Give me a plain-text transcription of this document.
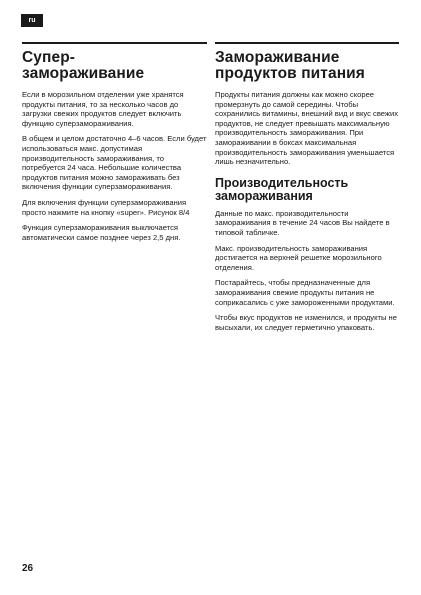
ru
Супер-
замораживание

Если в морозильном отделении уже хранятся продукты питания, то за несколько часов до загрузки свежих продуктов следует включить функцию суперзамораживания.

В общем и целом достаточно 4–6 часов. Если будет использоваться макс. допустимая производительность замораживания, то потребуется 24 часа. Небольшие количества продуктов питания можно замораживать без включения функции суперзамораживания.

Для включения функции суперзамораживания просто нажмите на кнопку «super». Рисунок 8/4

Функция суперзамораживания выключается автоматически самое позднее через 2,5 дня.

Замораживание
продуктов питания

Продукты питания должны как можно скорее промерзнуть до самой середины. Чтобы сохранились витамины, внешний вид и вкус свежих продуктов, не следует превышать максимальную производительность замораживания. При замораживании в боксах максимальная производительность замораживания уменьшается лишь незначительно.

Производительность
замораживания

Данные по макс. производительности замораживания в течение 24 часов Вы найдете в типовой табличке.

Макс. производительность замораживания достигается на верхней решетке морозильного отделения.

Постарайтесь, чтобы предназначенные для замораживания свежие продукты питания не соприкасались с уже замороженными продуктами.

Чтобы вкус продуктов не изменился, и продукты не высыхали, их следует герметично упаковать.

26
